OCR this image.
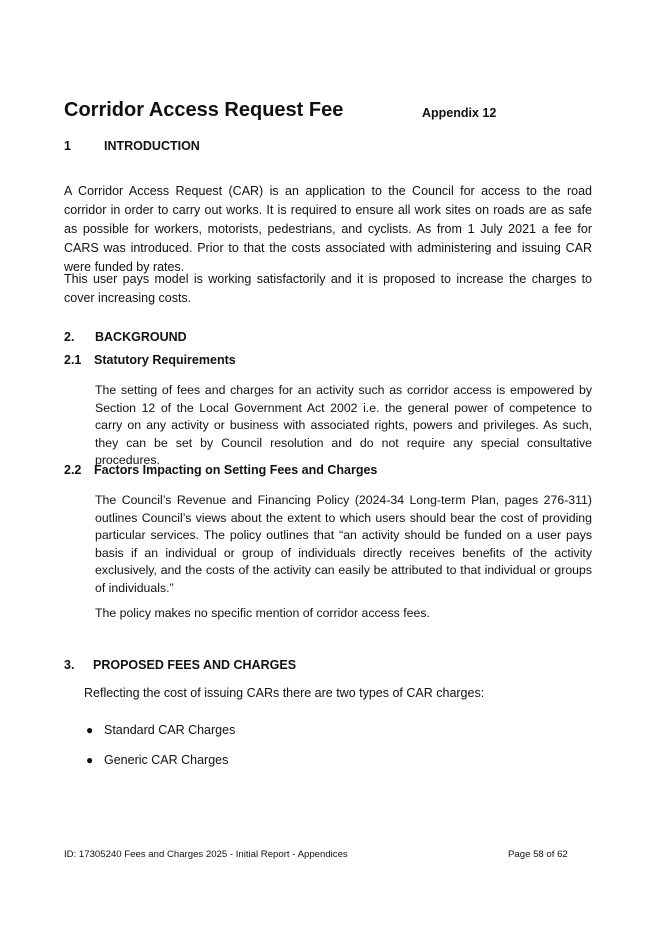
Corridor Access Request Fee	Appendix 12
1	INTRODUCTION

A Corridor Access Request (CAR) is an application to the Council for access to the road corridor in order to carry out works. It is required to ensure all work sites on roads are as safe as possible for workers, motorists, pedestrians, and cyclists. As from 1 July 2021 a fee for CARS was introduced. Prior to that the costs associated with administering and issuing CAR were funded by rates.

This user pays model is working satisfactorily and it is proposed to increase the charges to cover increasing costs.

2. BACKGROUND
2.1 Statutory Requirements

The setting of fees and charges for an activity such as corridor access is empowered by Section 12 of the Local Government Act 2002 i.e. the general power of competence to carry on any activity or business with associated rights, powers and privileges. As such, they can be set by Council resolution and do not require any special consultative procedures.

2.2 Factors Impacting on Setting Fees and Charges

The Council’s Revenue and Financing Policy (2024-34 Long-term Plan, pages 276-311) outlines Council’s views about the extent to which users should bear the cost of providing particular services. The policy outlines that “an activity should be funded on a user pays basis if an individual or group of individuals directly receives benefits of the activity exclusively, and the costs of the activity can easily be attributed to that individual or groups of individuals.”

The policy makes no specific mention of corridor access fees.

3. PROPOSED FEES AND CHARGES

Reflecting the cost of issuing CARs there are two types of CAR charges:

● Standard CAR Charges
● Generic CAR Charges
ID: 17305240 Fees and Charges 2025 - Initial Report - Appendices	Page 58 of 62
